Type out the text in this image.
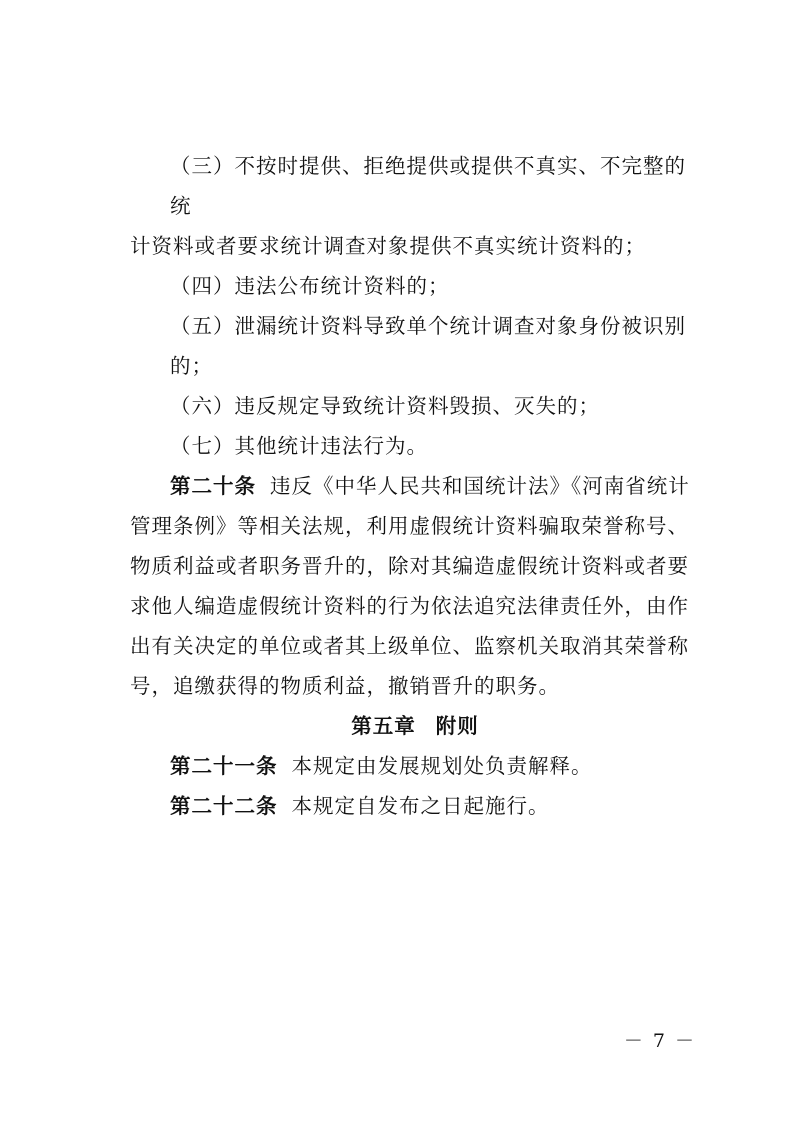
（三）不按时提供、拒绝提供或提供不真实、不完整的统

计资料或者要求统计调查对象提供不真实统计资料的；

（四）违法公布统计资料的；

（五）泄漏统计资料导致单个统计调查对象身份被识别的；

（六）违反规定导致统计资料毁损、灭失的；

（七）其他统计违法行为。

第二十条 违反《中华人民共和国统计法》《河南省统计

管理条例》等相关法规，利用虚假统计资料骗取荣誉称号、物质利益或者职务晋升的，除对其编造虚假统计资料或者要求他人编造虚假统计资料的行为依法追究法律责任外，由作出有关决定的单位或者其上级单位、监察机关取消其荣誉称号，追缴获得的物质利益，撤销晋升的职务。

第五章 附则

第二十一条 本规定由发展规划处负责解释。

第二十二条 本规定自发布之日起施行。

－ 7 －
